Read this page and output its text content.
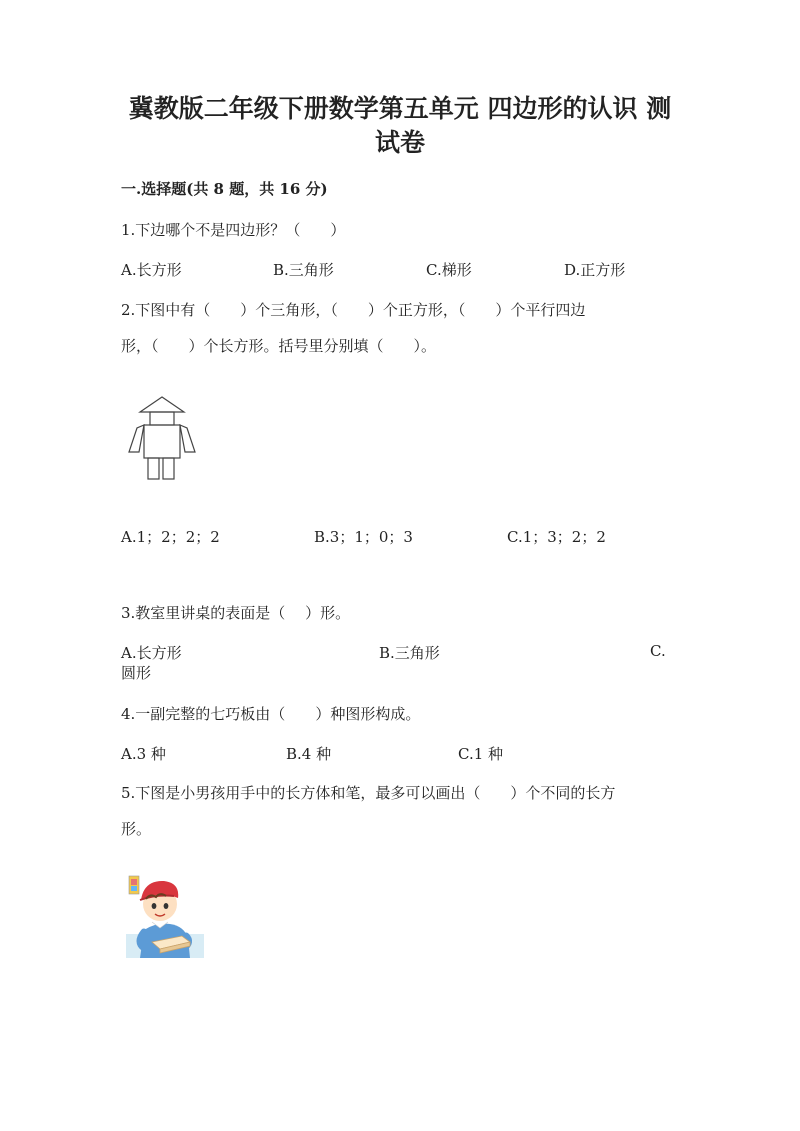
冀教版二年级下册数学第五单元 四边形的认识 测
试卷
一.选择题(共 8 题，共 16 分)
1.下边哪个不是四边形？（　　）
A.长方形	B.三角形	C.梯形	D.正方形
2.下图中有（　　）个三角形，（　　）个正方形，（　　）个平行四边
形，（　　）个长方形。括号里分别填（　　）。
A.1；2；2；2	B.3；1；0；3	C.1；3；2；2
3.教室里讲桌的表面是（　 ）形。
A.长方形	B.三角形	C.
圆形
4.一副完整的七巧板由（　　）种图形构成。
A.3 种	B.4 种	C.1 种
5.下图是小男孩用手中的长方体和笔，最多可以画出（　　）个不同的长方
形。
